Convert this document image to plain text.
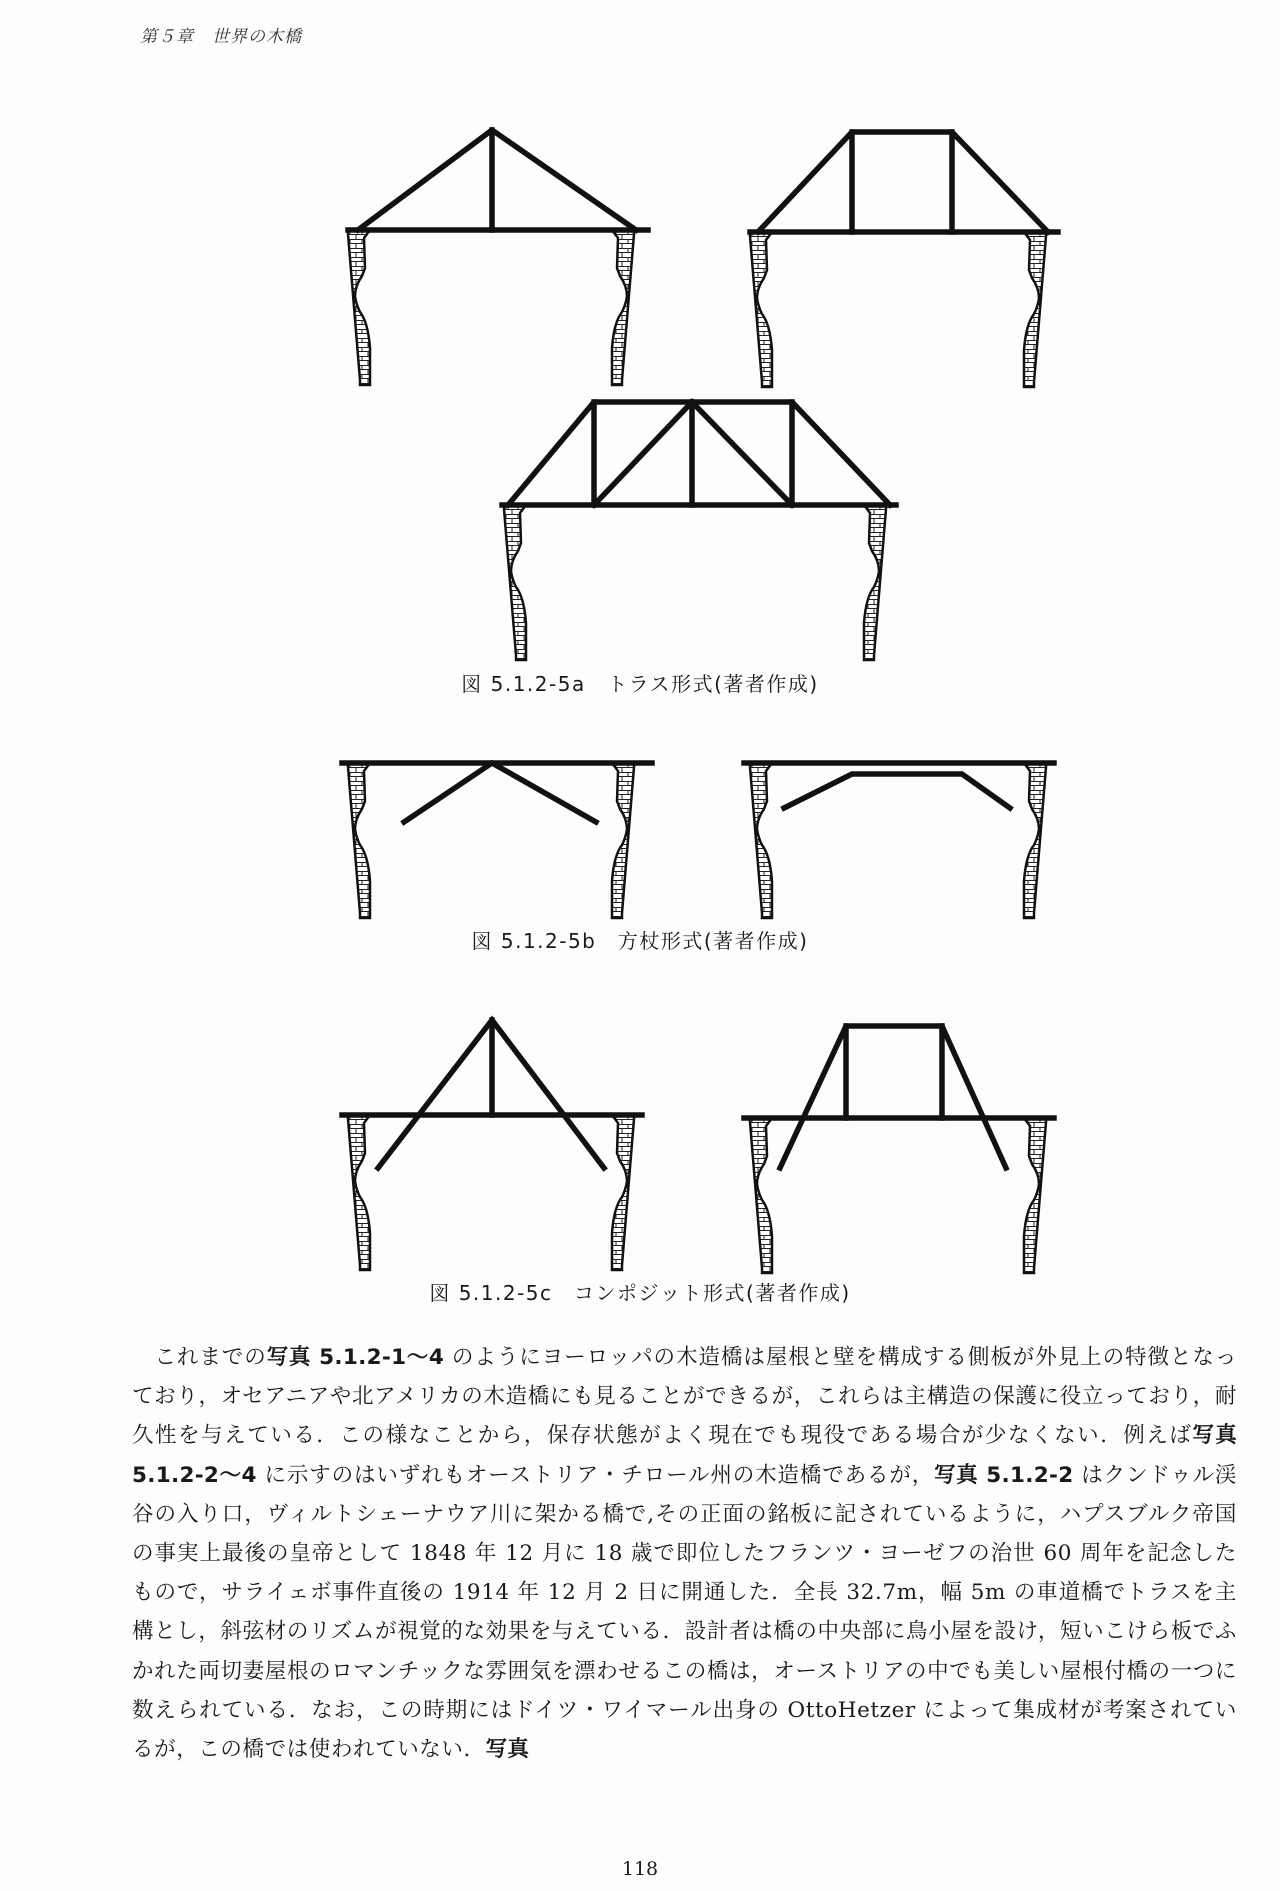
第５章　世界の木橋
図 5.1.2-5a　トラス形式(著者作成)
図 5.1.2-5b　方杖形式(著者作成)
図 5.1.2-5c　コンポジット形式(著者作成)

　これまでの写真 5.1.2-1～4 のようにヨーロッパの木造橋は屋根と壁を構成する側板が外見上の特徴となっており，オセアニアや北アメリカの木造橋にも見ることができるが，これらは主構造の保護に役立っており，耐久性を与えている．この様なことから，保存状態がよく現在でも現役である場合が少なくない．例えば写真 5.1.2-2～4 に示すのはいずれもオーストリア・チロール州の木造橋であるが，写真 5.1.2-2 はクンドゥル渓谷の入り口，ヴィルトシェーナウア川に架かる橋で,その正面の銘板に記されているように，ハプスブルク帝国の事実上最後の皇帝として 1848 年 12 月に 18 歳で即位したフランツ・ヨーゼフの治世 60 周年を記念したもので，サライェボ事件直後の 1914 年 12 月 2 日に開通した．全長 32.7m，幅 5m の車道橋でトラスを主構とし，斜弦材のリズムが視覚的な効果を与えている．設計者は橋の中央部に鳥小屋を設け，短いこけら板でふかれた両切妻屋根のロマンチックな雰囲気を漂わせるこの橋は，オーストリアの中でも美しい屋根付橋の一つに数えられている．なお，この時期にはドイツ・ワイマール出身の OttoHetzer によって集成材が考案されているが，この橋では使われていない．写真

118
